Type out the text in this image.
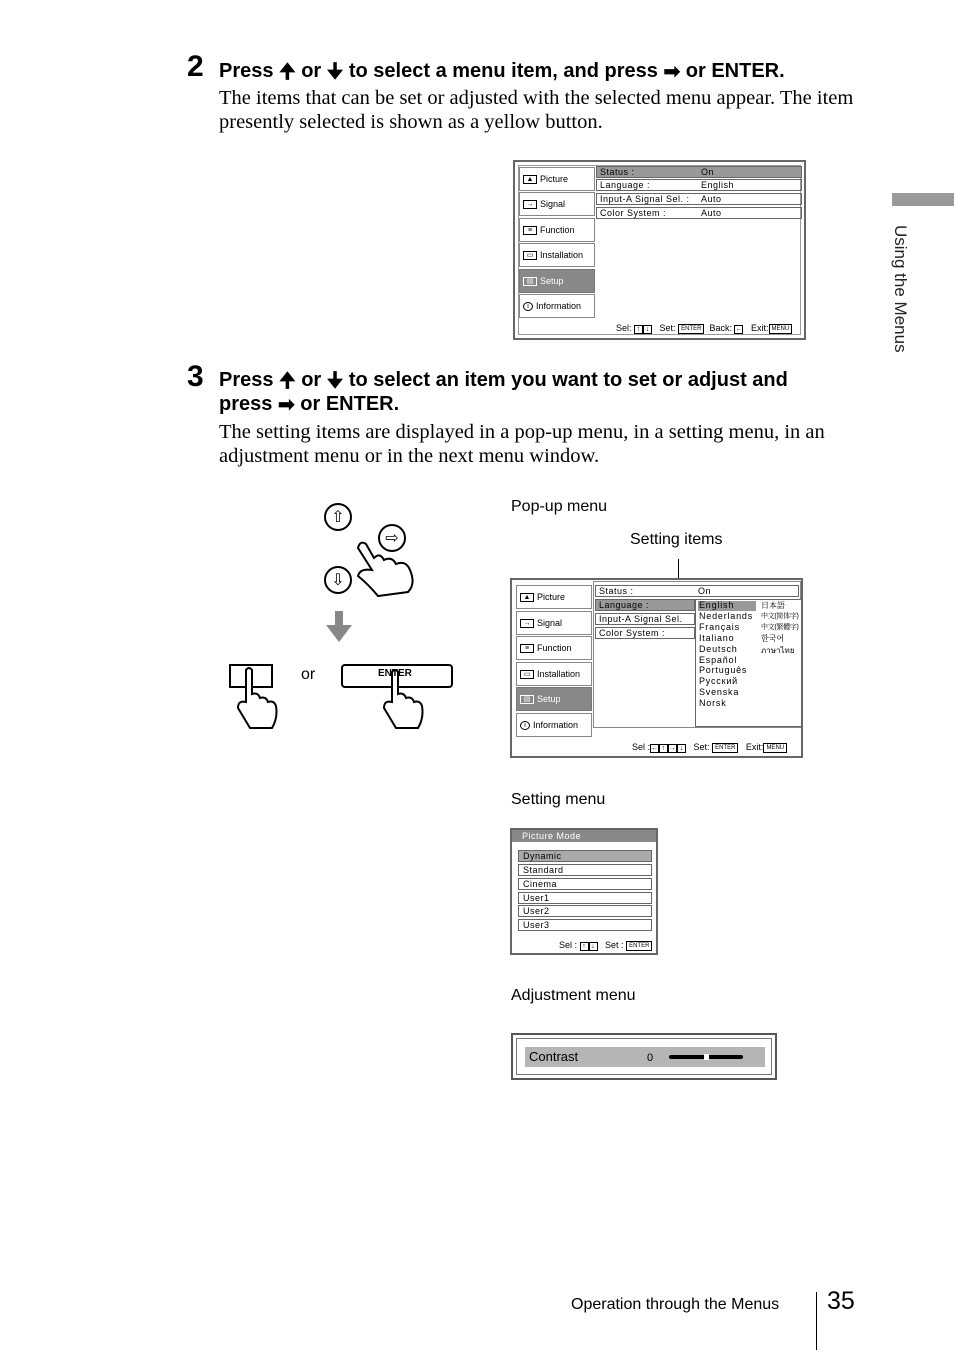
Using the Menus
2 Press 🠉 or 🠋 to select a menu item, and press ➡ or ENTER.
The items that can be set or adjusted with the selected menu appear. The item presently selected is shown as a yellow button.
▲ Picture
→ Signal
≡ Function
▭ Installation
▤ Setup
i Information
Status :	On
Language :	English
Input-A Signal Sel. : Auto
Color System :	Auto
Sel: ↑ ↓ Set: ENTER Back: ← Exit: MENU
3 Press 🠉 or 🠋 to select an item you want to set or adjust and
press ➡ or ENTER.
The setting items are displayed in a pop-up menu, in a setting menu, in an adjustment menu or in the next menu window.
⇧
⇨
⇩
or	ENTER
Pop-up menu
Setting items
▲ Picture
→ Signal
≡ Function
▭ Installation
▤ Setup
i Information
Status :	On
Language :
Input-A Signal Sel.
Color System :
English
Nederlands
Français
Italiano
Deutsch
Español
Português
Русский
Svenska
Norsk
日本語
中文(简体字)
中文(繁體字)
한국어
ภาษาไทย
Sel :← ↑ → ↓ Set: ENTER Exit: MENU
Setting menu
Picture Mode
Dynamic
Standard
Cinema
User1
User2
User3
Sel : ↑ ↓ Set : ENTER
Adjustment menu
Contrast	0
Operation through the Menus 35
